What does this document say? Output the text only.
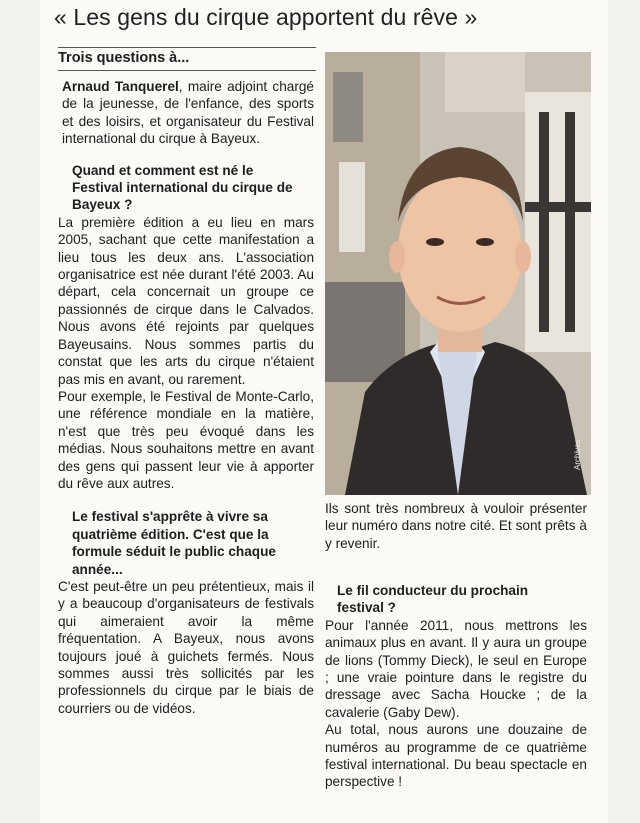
« Les gens du cirque apportent du rêve »
Trois questions à...

Arnaud Tanquerel, maire adjoint chargé de la jeunesse, de l'enfance, des sports et des loisirs, et organisateur du Festival international du cirque à Bayeux.

Quand et comment est né le Festival international du cirque de Bayeux ?

La première édition a eu lieu en mars 2005, sachant que cette manifestation a lieu tous les deux ans. L'association organisatrice est née durant l'été 2003. Au départ, cela concernait un groupe ce passionnés de cirque dans le Calvados. Nous avons été rejoints par quelques Bayeusains. Nous sommes partis du constat que les arts du cirque n'étaient pas mis en avant, ou rarement.

Pour exemple, le Festival de Monte-Carlo, une référence mondiale en la matière, n'est que très peu évoqué dans les médias. Nous souhaitons mettre en avant des gens qui passent leur vie à apporter du rêve aux autres.

Le festival s'apprête à vivre sa quatrième édition. C'est que la formule séduit le public chaque année...

C'est peut-être un peu prétentieux, mais il y a beaucoup d'organisateurs de festivals qui aimeraient avoir la même fréquentation. A Bayeux, nous avons toujours joué à guichets fermés. Nous sommes aussi très sollicités par les professionnels du cirque par le biais de courriers ou de vidéos.

Archives
Ils sont très nombreux à vouloir présenter leur numéro dans notre cité. Et sont prêts à y revenir.

Le fil conducteur du prochain festival ?

Pour l'année 2011, nous mettrons les animaux plus en avant. Il y aura un groupe de lions (Tommy Dieck), le seul en Europe ; une vraie pointure dans le registre du dressage avec Sacha Houcke ; de la cavalerie (Gaby Dew).

Au total, nous aurons une douzaine de numéros au programme de ce quatrième festival international. Du beau spectacle en perspective !
